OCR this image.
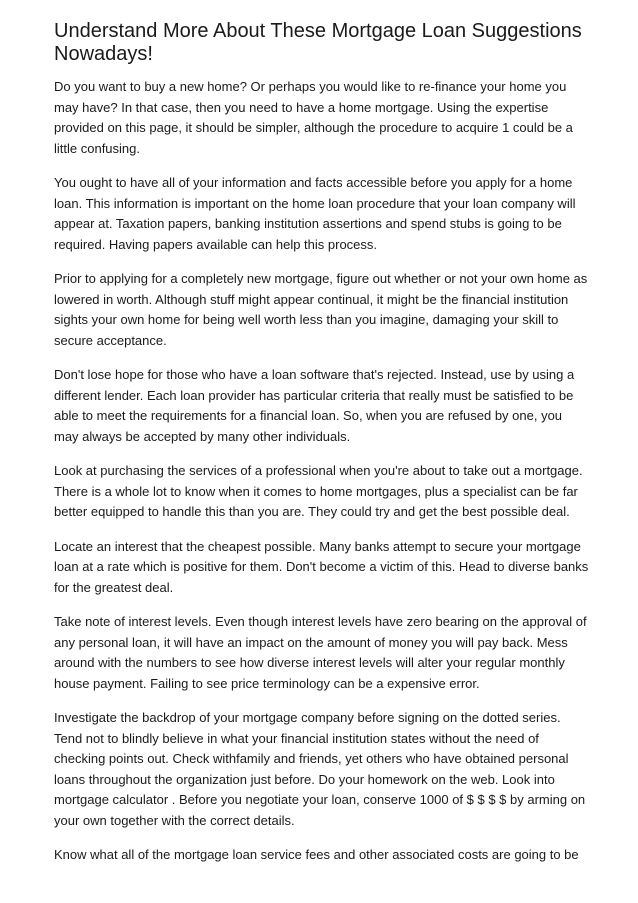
Understand More About These Mortgage Loan Suggestions Nowadays!

Do you want to buy a new home? Or perhaps you would like to re-finance your home you may have? In that case, then you need to have a home mortgage. Using the expertise provided on this page, it should be simpler, although the procedure to acquire 1 could be a little confusing.

You ought to have all of your information and facts accessible before you apply for a home loan. This information is important on the home loan procedure that your loan company will appear at. Taxation papers, banking institution assertions and spend stubs is going to be required. Having papers available can help this process.

Prior to applying for a completely new mortgage, figure out whether or not your own home as lowered in worth. Although stuff might appear continual, it might be the financial institution sights your own home for being well worth less than you imagine, damaging your skill to secure acceptance.

Don't lose hope for those who have a loan software that's rejected. Instead, use by using a different lender. Each loan provider has particular criteria that really must be satisfied to be able to meet the requirements for a financial loan. So, when you are refused by one, you may always be accepted by many other individuals.

Look at purchasing the services of a professional when you're about to take out a mortgage. There is a whole lot to know when it comes to home mortgages, plus a specialist can be far better equipped to handle this than you are. They could try and get the best possible deal.

Locate an interest that the cheapest possible. Many banks attempt to secure your mortgage loan at a rate which is positive for them. Don't become a victim of this. Head to diverse banks for the greatest deal.

Take note of interest levels. Even though interest levels have zero bearing on the approval of any personal loan, it will have an impact on the amount of money you will pay back. Mess around with the numbers to see how diverse interest levels will alter your regular monthly house payment. Failing to see price terminology can be a expensive error.

Investigate the backdrop of your mortgage company before signing on the dotted series. Tend not to blindly believe in what your financial institution states without the need of checking points out. Check withfamily and friends, yet others who have obtained personal loans throughout the organization just before. Do your homework on the web. Look into mortgage calculator . Before you negotiate your loan, conserve 1000 of $ $ $ $ by arming on your own together with the correct details.

Know what all of the mortgage loan service fees and other associated costs are going to be
